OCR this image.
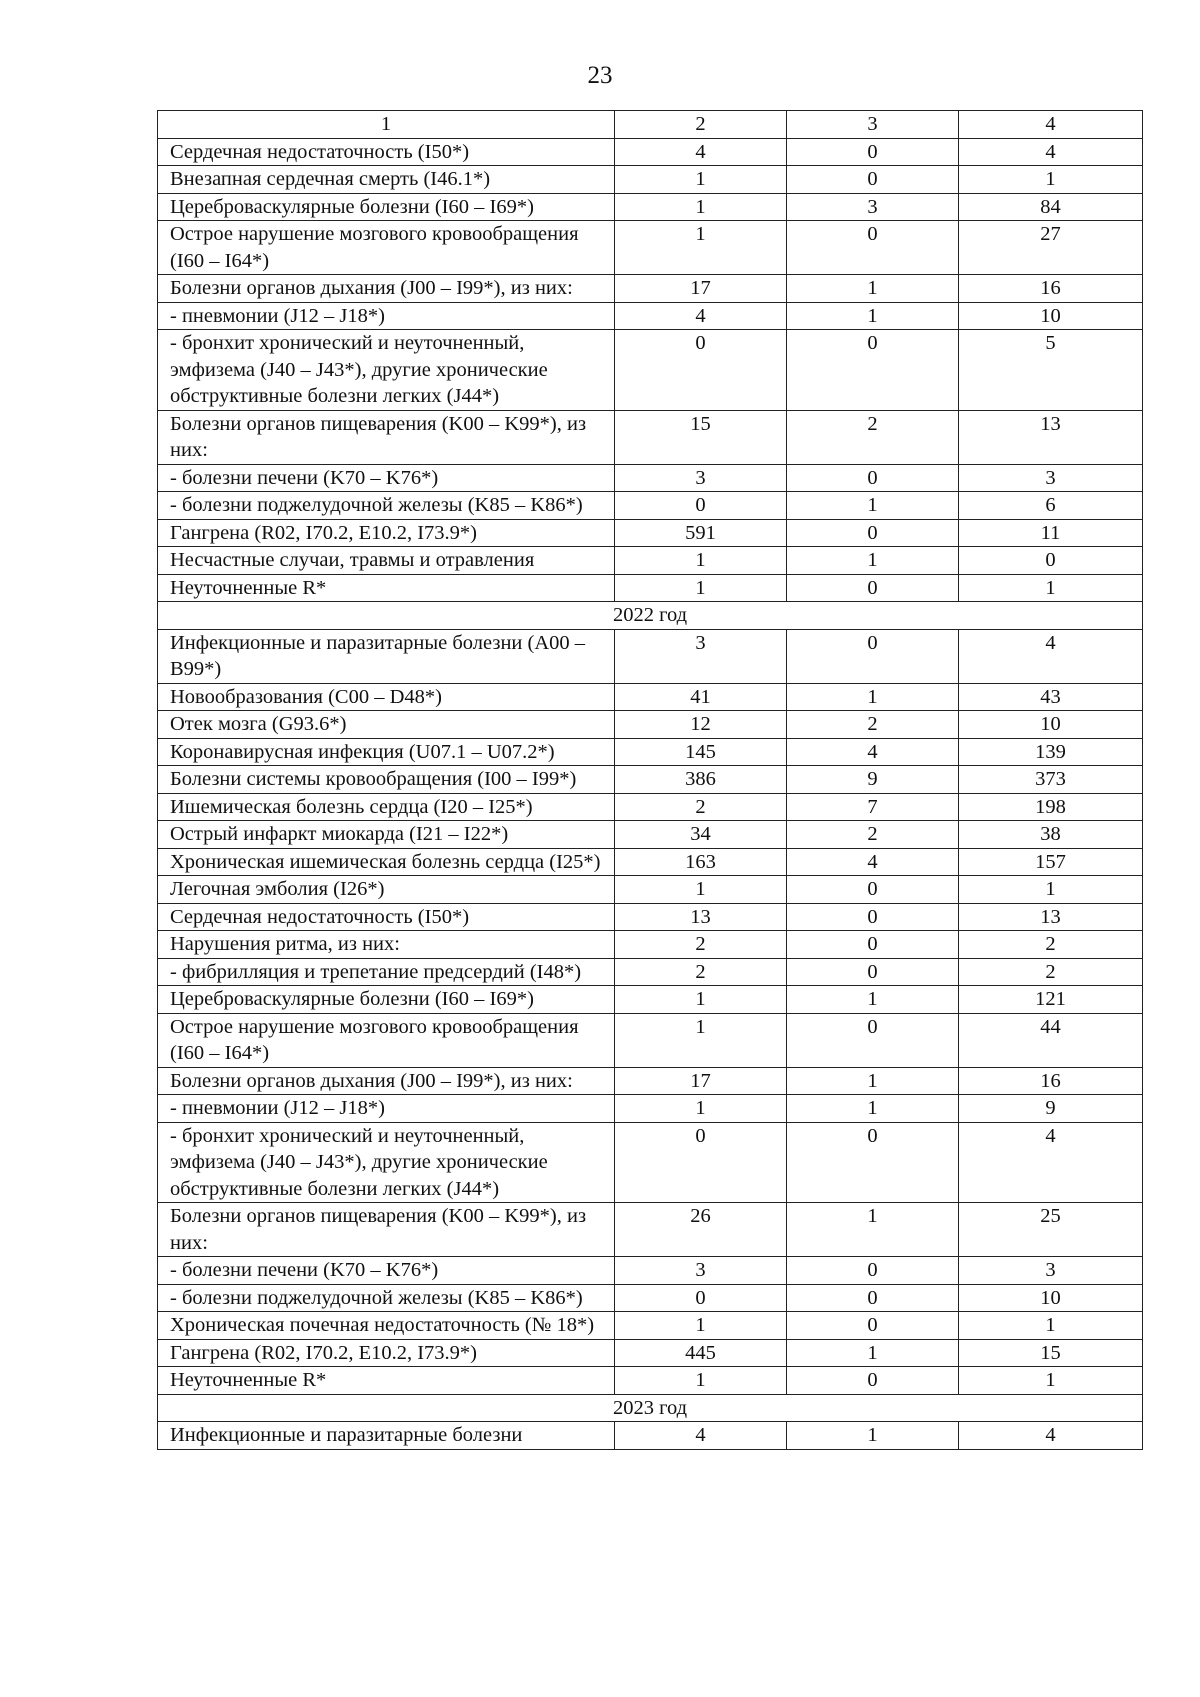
23
1	2	3	4
Сердечная недостаточность (I50*)	4	0	4
Внезапная сердечная смерть (I46.1*)	1	0	1
Цереброваскулярные болезни (I60 – I69*)	1	3	84
Острое нарушение мозгового кровообращения (I60 – I64*)	1	0	27
Болезни органов дыхания (J00 – I99*), из них:	17	1	16
- пневмонии (J12 – J18*)	4	1	10
- бронхит хронический и неуточненный, эмфизема (J40 – J43*), другие хронические обструктивные болезни легких (J44*)	0	0	5
Болезни органов пищеварения (K00 – K99*), из них:	15	2	13
- болезни печени (K70 – K76*)	3	0	3
- болезни поджелудочной железы (K85 – K86*)	0	1	6
Гангрена (R02, I70.2, E10.2, I73.9*)	591	0	11
Несчастные случаи, травмы и отравления	1	1	0
Неуточненные R*	1	0	1
2022 год			
Инфекционные и паразитарные болезни (A00 – B99*)	3	0	4
Новообразования (C00 – D48*)	41	1	43
Отек мозга (G93.6*)	12	2	10
Коронавирусная инфекция (U07.1 – U07.2*)	145	4	139
Болезни системы кровообращения (I00 – I99*)	386	9	373
Ишемическая болезнь сердца (I20 – I25*)	2	7	198
Острый инфаркт миокарда (I21 – I22*)	34	2	38
Хроническая ишемическая болезнь сердца (I25*)	163	4	157
Легочная эмболия (I26*)	1	0	1
Сердечная недостаточность (I50*)	13	0	13
Нарушения ритма, из них:	2	0	2
- фибрилляция и трепетание предсердий (I48*)	2	0	2
Цереброваскулярные болезни (I60 – I69*)	1	1	121
Острое нарушение мозгового кровообращения (I60 – I64*)	1	0	44
Болезни органов дыхания (J00 – I99*), из них:	17	1	16
- пневмонии (J12 – J18*)	1	1	9
- бронхит хронический и неуточненный, эмфизема (J40 – J43*), другие хронические обструктивные болезни легких (J44*)	0	0	4
Болезни органов пищеварения (K00 – K99*), из них:	26	1	25
- болезни печени (K70 – K76*)	3	0	3
- болезни поджелудочной железы (K85 – K86*)	0	0	10
Хроническая почечная недостаточность (№ 18*)	1	0	1
Гангрена (R02, I70.2, E10.2, I73.9*)	445	1	15
Неуточненные R*	1	0	1
2023 год			
Инфекционные и паразитарные болезни	4	1	4
